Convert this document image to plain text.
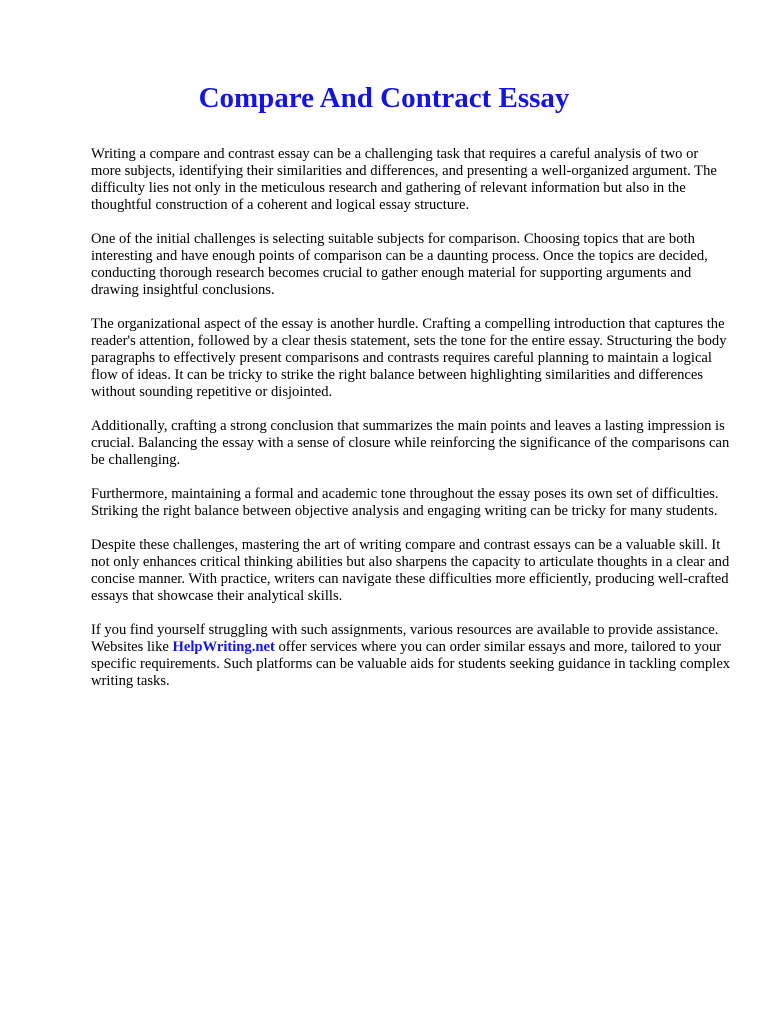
Compare And Contract Essay

Writing a compare and contrast essay can be a challenging task that requires a careful analysis of two or more subjects, identifying their similarities and differences, and presenting a well-organized argument. The difficulty lies not only in the meticulous research and gathering of relevant information but also in the thoughtful construction of a coherent and logical essay structure.

One of the initial challenges is selecting suitable subjects for comparison. Choosing topics that are both interesting and have enough points of comparison can be a daunting process. Once the topics are decided, conducting thorough research becomes crucial to gather enough material for supporting arguments and drawing insightful conclusions.

The organizational aspect of the essay is another hurdle. Crafting a compelling introduction that captures the reader's attention, followed by a clear thesis statement, sets the tone for the entire essay. Structuring the body paragraphs to effectively present comparisons and contrasts requires careful planning to maintain a logical flow of ideas. It can be tricky to strike the right balance between highlighting similarities and differences without sounding repetitive or disjointed.

Additionally, crafting a strong conclusion that summarizes the main points and leaves a lasting impression is crucial. Balancing the essay with a sense of closure while reinforcing the significance of the comparisons can be challenging.

Furthermore, maintaining a formal and academic tone throughout the essay poses its own set of difficulties. Striking the right balance between objective analysis and engaging writing can be tricky for many students.

Despite these challenges, mastering the art of writing compare and contrast essays can be a valuable skill. It not only enhances critical thinking abilities but also sharpens the capacity to articulate thoughts in a clear and concise manner. With practice, writers can navigate these difficulties more efficiently, producing well-crafted essays that showcase their analytical skills.

If you find yourself struggling with such assignments, various resources are available to provide assistance. Websites like HelpWriting.net offer services where you can order similar essays and more, tailored to your specific requirements. Such platforms can be valuable aids for students seeking guidance in tackling complex writing tasks.
